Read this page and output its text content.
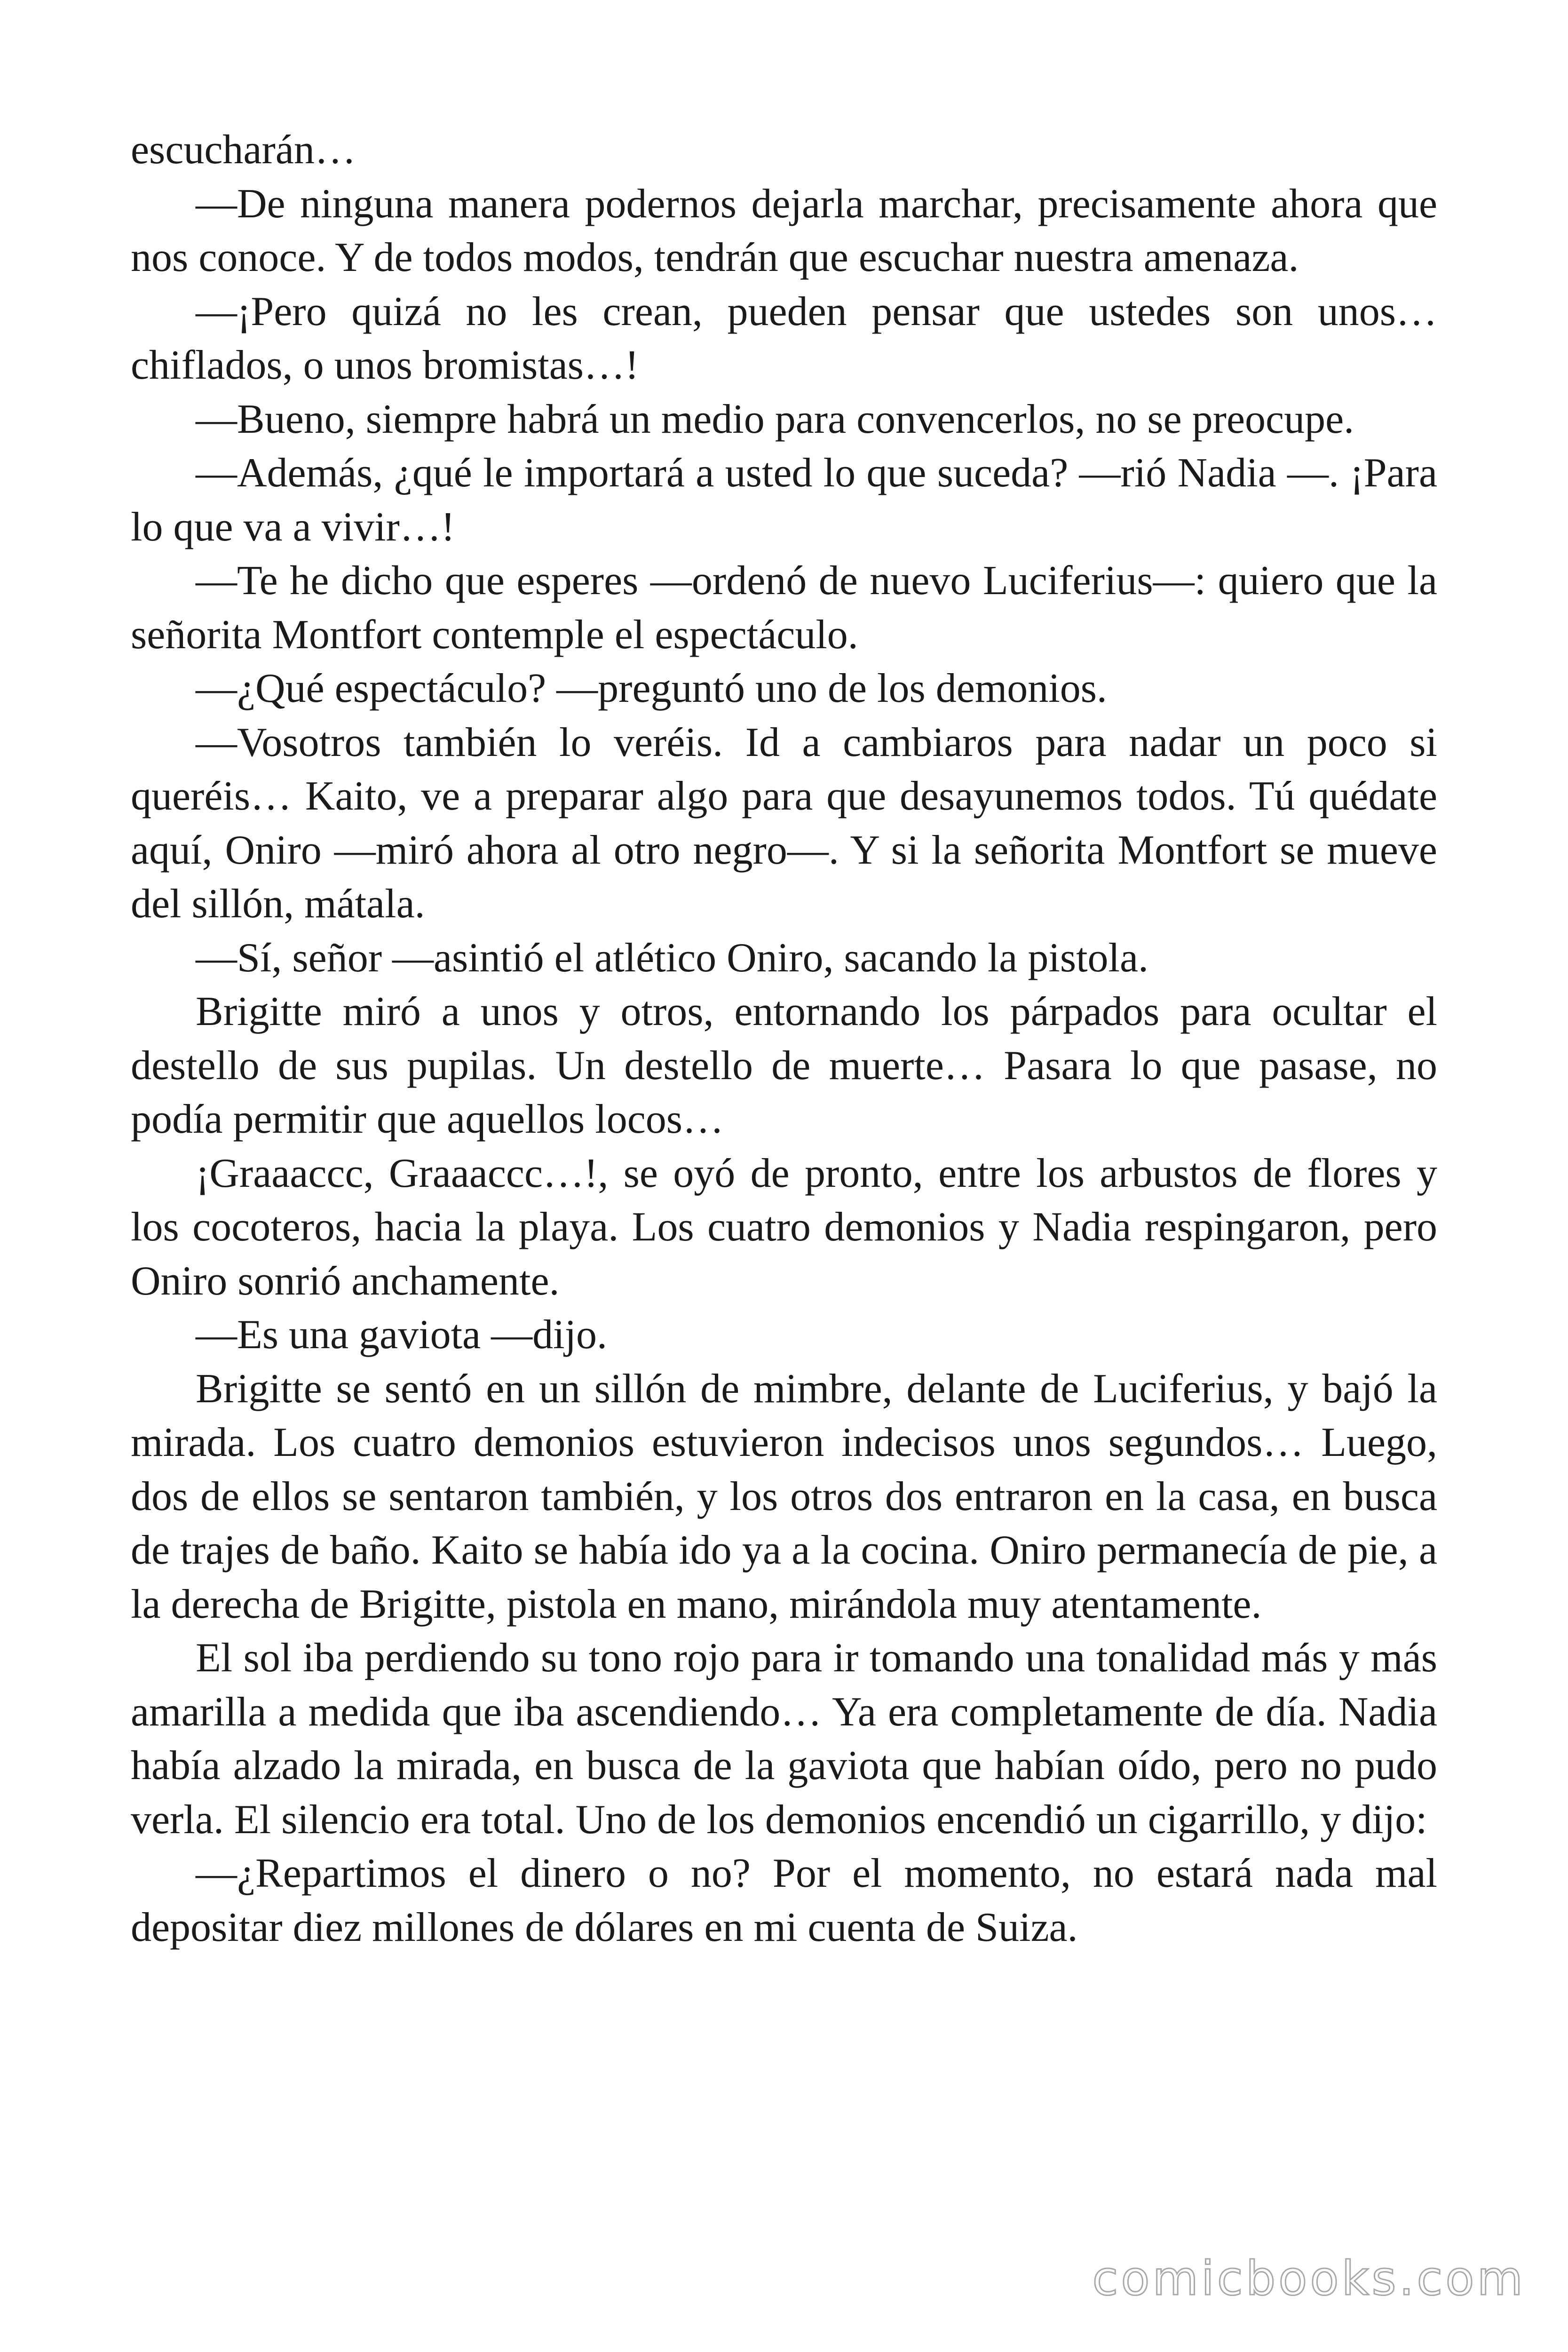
escucharán…

—De ninguna manera podernos dejarla marchar, precisamente ahora que nos conoce. Y de todos modos, tendrán que escuchar nuestra amenaza.

—¡Pero quizá no les crean, pueden pensar que ustedes son unos… chiflados, o unos bromistas…!

—Bueno, siempre habrá un medio para convencerlos, no se preocupe.

—Además, ¿qué le importará a usted lo que suceda? —rió Nadia —. ¡Para lo que va a vivir…!

—Te he dicho que esperes —ordenó de nuevo Luciferius—: quiero que la señorita Montfort contemple el espectáculo.

—¿Qué espectáculo? —preguntó uno de los demonios.

—Vosotros también lo veréis. Id a cambiaros para nadar un poco si queréis… Kaito, ve a preparar algo para que desayunemos todos. Tú quédate aquí, Oniro —miró ahora al otro negro—. Y si la señorita Montfort se mueve del sillón, mátala.

—Sí, señor —asintió el atlético Oniro, sacando la pistola.

Brigitte miró a unos y otros, entornando los párpados para ocultar el destello de sus pupilas. Un destello de muerte… Pasara lo que pasase, no podía permitir que aquellos locos…

¡Graaaccc, Graaaccc…!, se oyó de pronto, entre los arbustos de flores y los cocoteros, hacia la playa. Los cuatro demonios y Nadia respingaron, pero Oniro sonrió anchamente.

—Es una gaviota —dijo.

Brigitte se sentó en un sillón de mimbre, delante de Luciferius, y bajó la mirada. Los cuatro demonios estuvieron indecisos unos segundos… Luego, dos de ellos se sentaron también, y los otros dos entraron en la casa, en busca de trajes de baño. Kaito se había ido ya a la cocina. Oniro permanecía de pie, a la derecha de Brigitte, pistola en mano, mirándola muy atentamente.

El sol iba perdiendo su tono rojo para ir tomando una tonalidad más y más amarilla a medida que iba ascendiendo… Ya era completamente de día. Nadia había alzado la mirada, en busca de la gaviota que habían oído, pero no pudo verla. El silencio era total. Uno de los demonios encendió un cigarrillo, y dijo:

—¿Repartimos el dinero o no? Por el momento, no estará nada mal depositar diez millones de dólares en mi cuenta de Suiza.

comicbooks.com
